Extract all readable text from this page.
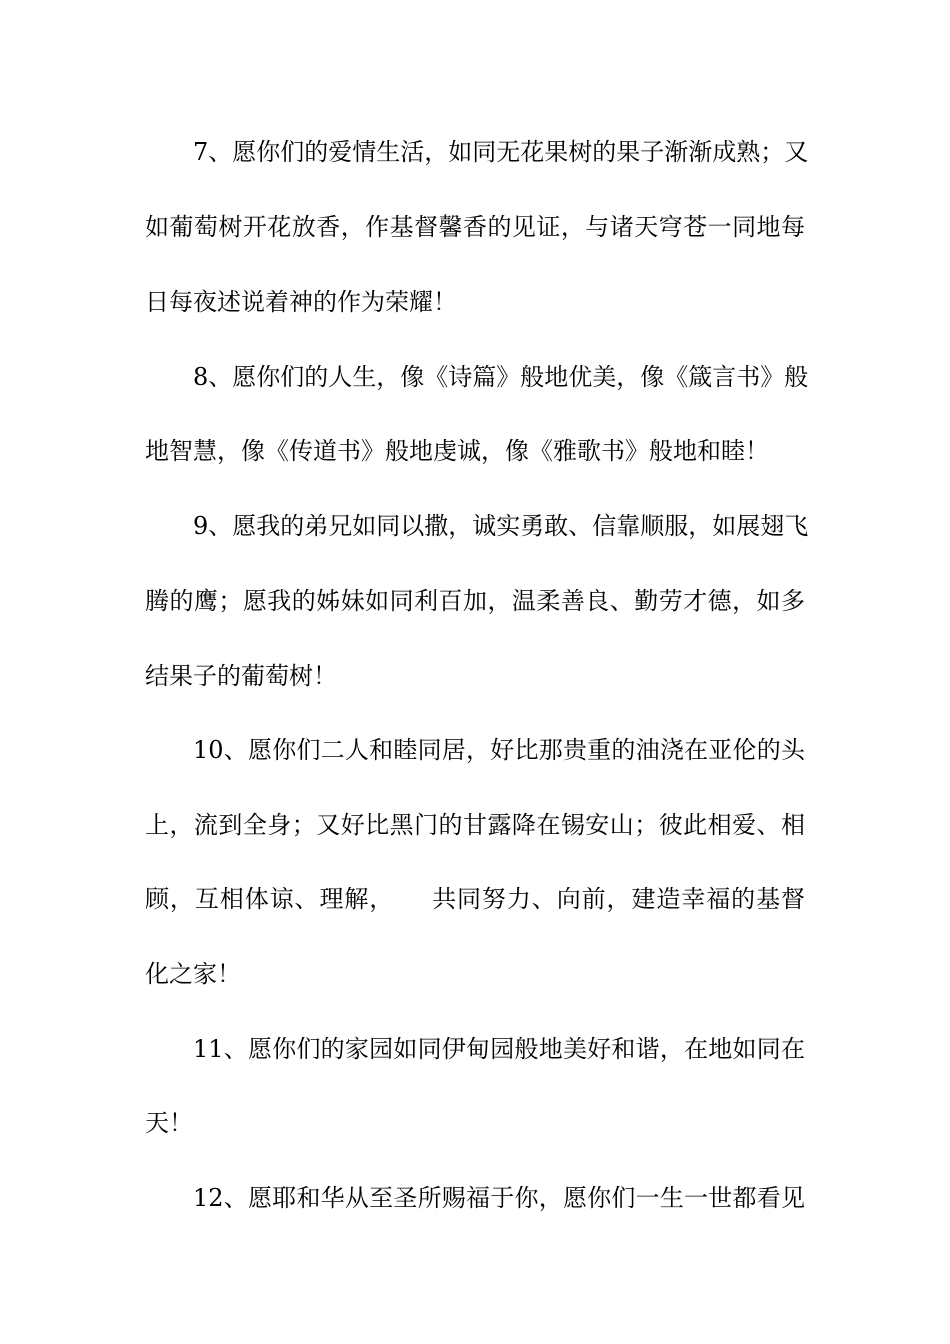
7、愿你们的爱情生活，如同无花果树的果子渐渐成熟；又
如葡萄树开花放香，作基督馨香的见证，与诸天穹苍一同地每
日每夜述说着神的作为荣耀！
8、愿你们的人生，像《诗篇》般地优美，像《箴言书》般
地智慧，像《传道书》般地虔诚，像《雅歌书》般地和睦！
9、愿我的弟兄如同以撒，诚实勇敢、信靠顺服，如展翅飞
腾的鹰；愿我的姊妹如同利百加，温柔善良、勤劳才德，如多
结果子的葡萄树！
10、愿你们二人和睦同居，好比那贵重的油浇在亚伦的头
上，流到全身；又好比黑门的甘露降在锡安山；彼此相爱、相
顾，互相体谅、理解，　　共同努力、向前，建造幸福的基督
化之家！
11、愿你们的家园如同伊甸园般地美好和谐，在地如同在
天！
12、愿耶和华从至圣所赐福于你，愿你们一生一世都看见
